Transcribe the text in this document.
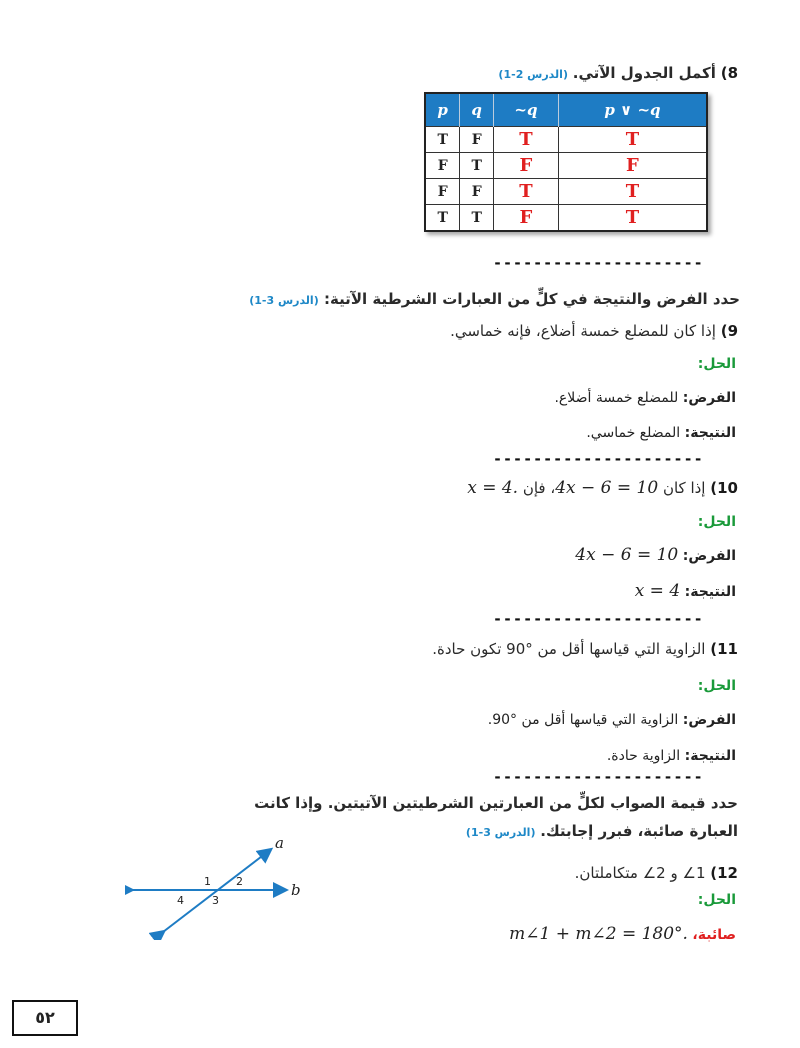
8) أكمل الجدول الآتي. (الدرس 2-1)
p	q	~q	p ∨ ~q
T	F	T	T
F	T	F	F
F	F	T	T
T	T	F	T
---------------------
حدد الفرض والنتيجة في كلٍّ من العبارات الشرطية الآتية: (الدرس 3-1)
9) إذا كان للمضلع خمسة أضلاع، فإنه خماسي.
الحل:
الفرض: للمضلع خمسة أضلاع.
النتيجة: المضلع خماسي.
---------------------
10) إذا كان 4x − 6 = 10، فإن x = 4.
الحل:
الفرض: 4x − 6 = 10
النتيجة: x = 4
---------------------
11) الزاوية التي قياسها أقل من °90 تكون حادة.
الحل:
الفرض: الزاوية التي قياسها أقل من °90.
النتيجة: الزاوية حادة.
---------------------
حدد قيمة الصواب لكلٍّ من العبارتين الشرطيتين الآتيتين. وإذا كانت
العبارة صائبة، فبرر إجابتك. (الدرس 3-1)
12) 1∠ و 2∠ متكاملتان.
الحل:
صائبة، m∠1 + m∠2 = 180°.
a
b
1 2
3
4
٥٢
